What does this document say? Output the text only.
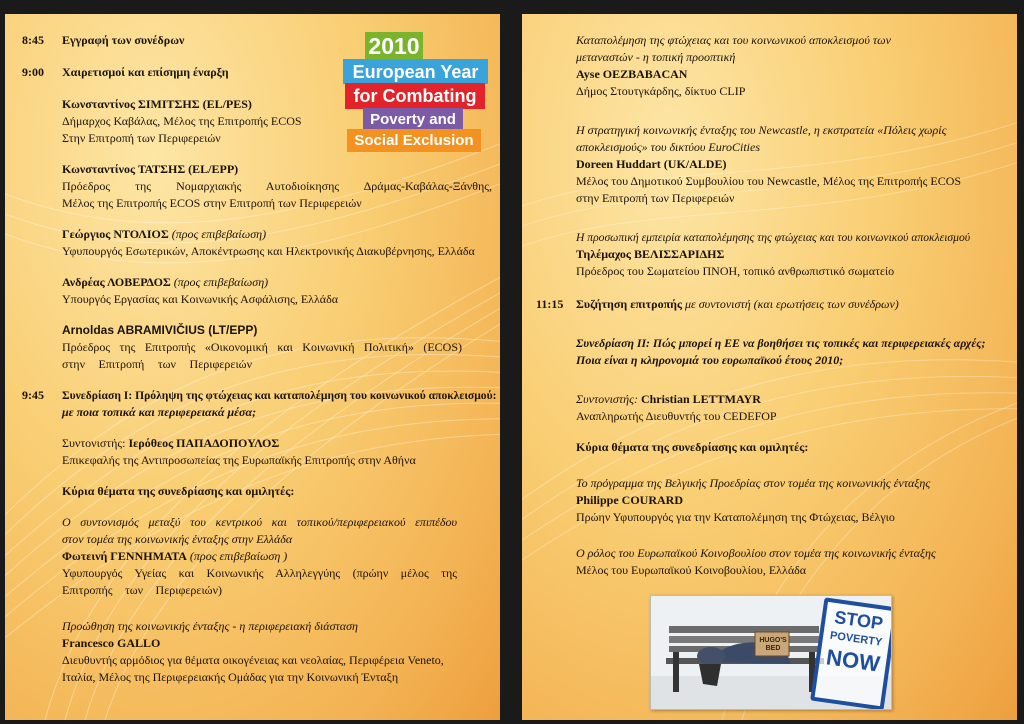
2010
European Year
for Combating
Poverty and
Social Exclusion
8:45 Εγγραφή των συνέδρων
9:00 Χαιρετισμοί και επίσημη έναρξη
Κωνσταντίνος ΣΙΜΙΤΣΗΣ (EL/PES)
Δήμαρχος Καβάλας, Μέλος της Επιτροπής ECOS
Στην Επιτροπή των Περιφερειών
Κωνσταντίνος ΤΑΤΣΗΣ (EL/EPP)
Πρόεδρος της Νομαρχιακής Αυτοδιοίκησης Δράμας-Καβάλας-Ξάνθης,
Μέλος της Επιτροπής ECOS στην Επιτροπή των Περιφερειών
Γεώργιος ΝΤΟΛΙΟΣ (προς επιβεβαίωση)
Υφυπουργός Εσωτερικών, Αποκέντρωσης και Ηλεκτρονικής Διακυβέρνησης, Ελλάδα
Ανδρέας ΛΟΒΕΡΔΟΣ (προς επιβεβαίωση)
Υπουργός Εργασίας και Κοινωνικής Ασφάλισης, Ελλάδα
Arnoldas ABRAMIVIČIUS (LT/EPP)
Πρόεδρος της Επιτροπής «Οικονομική και Κοινωνική Πολιτική» (ECOS)
στην Επιτροπή των Περιφερειών
9:45 Συνεδρίαση Ι: Πρόληψη της φτώχειας και καταπολέμηση του κοινωνικού αποκλεισμού:
με ποια τοπικά και περιφερειακά μέσα;
Συντονιστής: Ιερόθεος ΠΑΠΑΔΟΠΟΥΛΟΣ
Επικεφαλής της Αντιπροσωπείας της Ευρωπαϊκής Επιτροπής στην Αθήνα
Κύρια θέματα της συνεδρίασης και ομιλητές:
Ο συντονισμός μεταξύ του κεντρικού και τοπικού/περιφερειακού επιπέδου
στον τομέα της κοινωνικής ένταξης στην Ελλάδα
Φωτεινή ΓΕΝΝΗΜΑΤΑ (προς επιβεβαίωση )
Υφυπουργός Υγείας και Κοινωνικής Αλληλεγγύης (πρώην μέλος της
Επιτροπής των Περιφερειών)
Προώθηση της κοινωνικής ένταξης - η περιφερειακή διάσταση
Francesco GALLO
Διευθυντής αρμόδιος για θέματα οικογένειας και νεολαίας, Περιφέρεια Veneto,
Ιταλία, Μέλος της Περιφερειακής Ομάδας για την Κοινωνική Ένταξη
Καταπολέμηση της φτώχειας και του κοινωνικού αποκλεισμού των
μεταναστών - η τοπική προοπτική
Ayse OEZBABACAN
Δήμος Στουτγκάρδης, δίκτυο CLIP
Η στρατηγική κοινωνικής ένταξης του Newcastle, η εκστρατεία «Πόλεις χωρίς
αποκλεισμούς» του δικτύου EuroCities
Doreen Huddart (UK/ALDE)
Μέλος του Δημοτικού Συμβουλίου του Newcastle, Μέλος της Επιτροπής ECOS
στην Επιτροπή των Περιφερειών
Η προσωπική εμπειρία καταπολέμησης της φτώχειας και του κοινωνικού αποκλεισμού
Τηλέμαχος ΒΕΛΙΣΣΑΡΙΔΗΣ
Πρόεδρος του Σωματείου ΠΝΟΗ, τοπικό ανθρωπιστικό σωματείο
11:15 Συζήτηση επιτροπής με συντονιστή (και ερωτήσεις των συνέδρων)
Συνεδρίαση ΙΙ: Πώς μπορεί η ΕΕ να βοηθήσει τις τοπικές και περιφερειακές αρχές;
Ποια είναι η κληρονομιά του ευρωπαϊκού έτους 2010;
Συντονιστής: Christian LETTMAYR
Αναπληρωτής Διευθυντής του CEDEFOP
Κύρια θέματα της συνεδρίασης και ομιλητές:
Το πρόγραμμα της Βελγικής Προεδρίας στον τομέα της κοινωνικής ένταξης
Philippe COURARD
Πρώην Υφυπουργός για την Καταπολέμηση της Φτώχειας, Βέλγιο
Ο ρόλος του Ευρωπαϊκού Κοινοβουλίου στον τομέα της κοινωνικής ένταξης
Μέλος του Ευρωπαϊκού Κοινοβουλίου, Ελλάδα
HUGO'S BED
STOP
POVERTY
NOW
